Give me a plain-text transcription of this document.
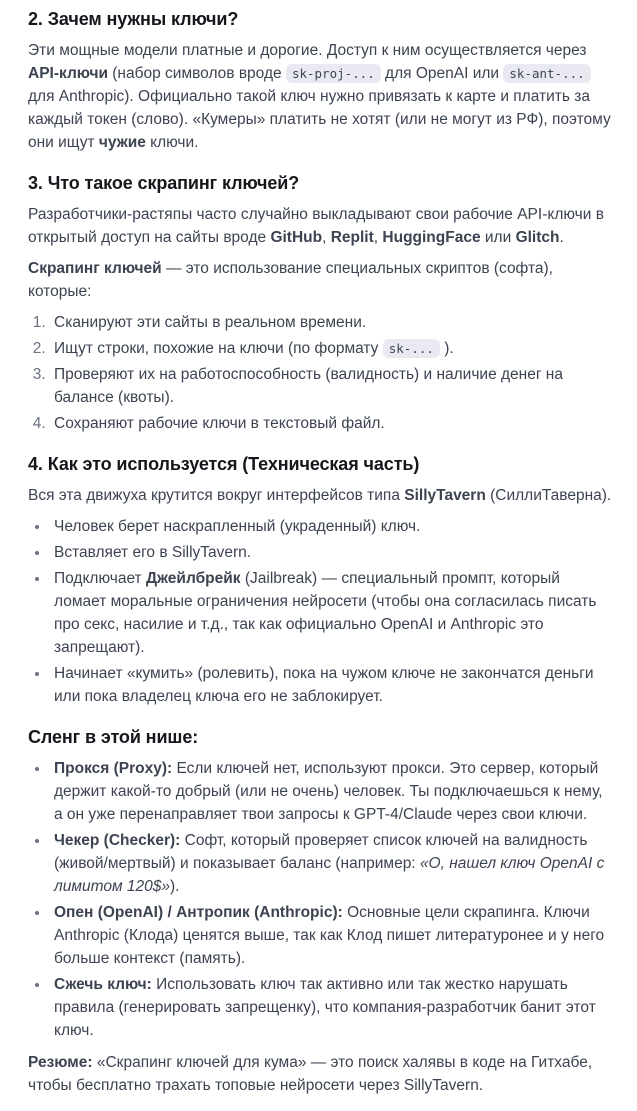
2. Зачем нужны ключи?

Эти мощные модели платные и дорогие. Доступ к ним осуществляется через API-ключи (набор символов вроде sk-proj-... для OpenAI или sk-ant-... для Anthropic). Официально такой ключ нужно привязать к карте и платить за каждый токен (слово). «Кумеры» платить не хотят (или не могут из РФ), поэтому они ищут чужие ключи.

3. Что такое скрапинг ключей?

Разработчики-растяпы часто случайно выкладывают свои рабочие API-ключи в открытый доступ на сайты вроде GitHub, Replit, HuggingFace или Glitch.

Скрапинг ключей — это использование специальных скриптов (софта), которые:

1. Сканируют эти сайты в реальном времени.
2. Ищут строки, похожие на ключи (по формату sk-... ).
3. Проверяют их на работоспособность (валидность) и наличие денег на балансе (квоты).
4. Сохраняют рабочие ключи в текстовый файл.
4. Как это используется (Техническая часть)

Вся эта движуха крутится вокруг интерфейсов типа SillyTavern (СиллиТаверна).

• Человек берет наскрапленный (украденный) ключ.
• Вставляет его в SillyTavern.
• Подключает Джейлбрейк (Jailbreak) — специальный промпт, который ломает моральные ограничения нейросети (чтобы она согласилась писать про секс, насилие и т.д., так как официально OpenAI и Anthropic это запрещают).
• Начинает «кумить» (ролевить), пока на чужом ключе не закончатся деньги или пока владелец ключа его не заблокирует.
Сленг в этой нише:
• Прокся (Proxy): Если ключей нет, используют прокси. Это сервер, который держит какой-то добрый (или не очень) человек. Ты подключаешься к нему, а он уже перенаправляет твои запросы к GPT-4/Claude через свои ключи.
• Чекер (Checker): Софт, который проверяет список ключей на валидность (живой/мертвый) и показывает баланс (например: «О, нашел ключ OpenAI с лимитом 120$»).
• Опен (OpenAI) / Антропик (Anthropic): Основные цели скрапинга. Ключи Anthropic (Клода) ценятся выше, так как Клод пишет литературонее и у него больше контекст (память).
• Сжечь ключ: Использовать ключ так активно или так жестко нарушать правила (генерировать запрещенку), что компания-разработчик банит этот ключ.

Резюме: «Скрапинг ключей для кума» — это поиск халявы в коде на Гитхабе, чтобы бесплатно трахать топовые нейросети через SillyTavern.
